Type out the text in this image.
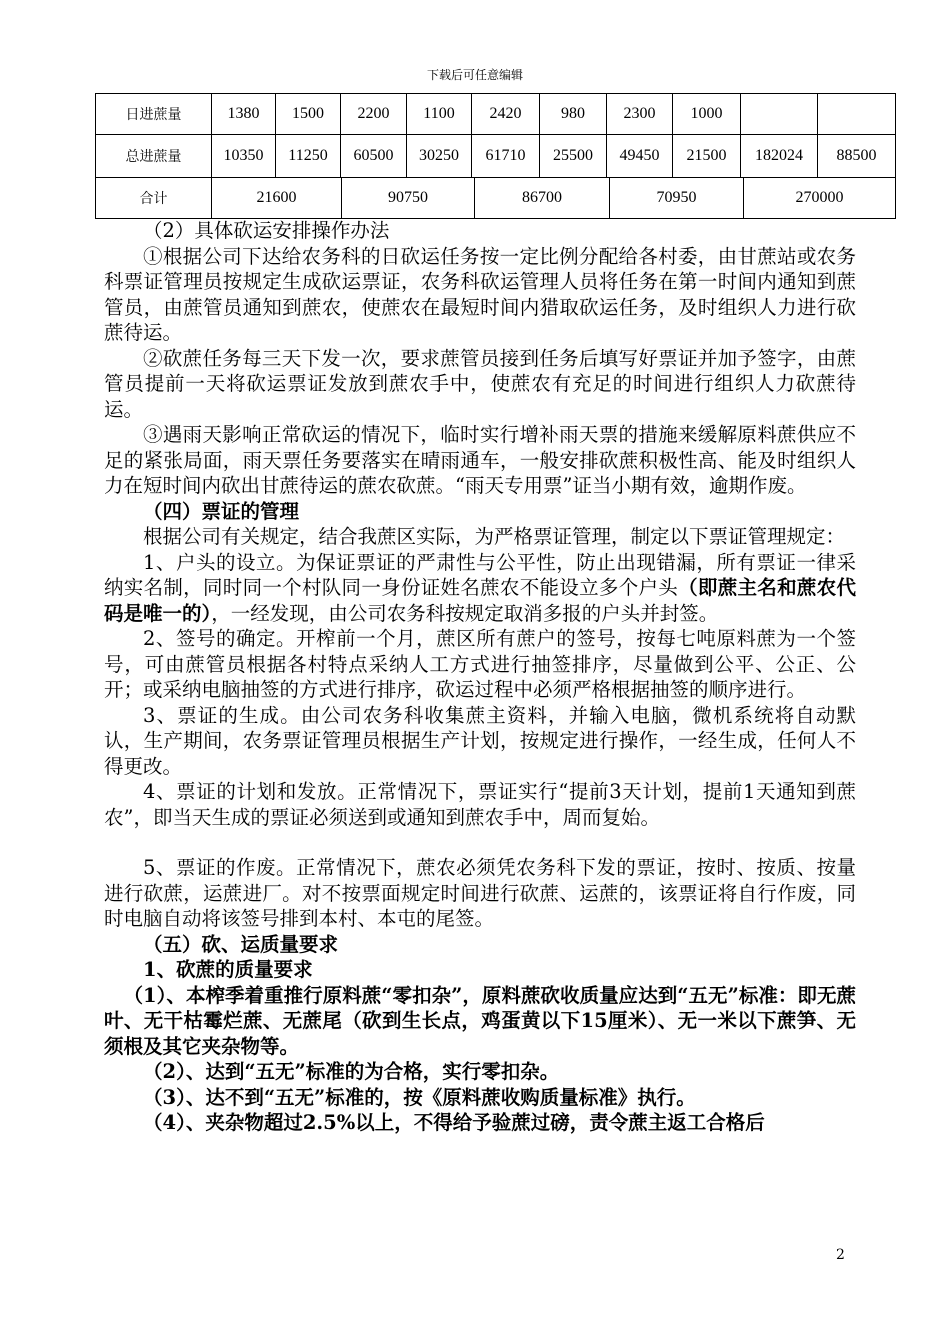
下载后可任意编辑
日进蔗量	1380	1500	2200	1100	2420	980	2300	1000		
总进蔗量	10350	11250	60500	30250	61710	25500	49450	21500	182024	88500
合计	21600	90750	86700	70950	270000

（2）具体砍运安排操作办法

①根据公司下达给农务科的日砍运任务按一定比例分配给各村委，由甘蔗站或农务科票证管理员按规定生成砍运票证，农务科砍运管理人员将任务在第一时间内通知到蔗管员，由蔗管员通知到蔗农，使蔗农在最短时间内猎取砍运任务，及时组织人力进行砍蔗待运。

②砍蔗任务每三天下发一次，要求蔗管员接到任务后填写好票证并加予签字，由蔗管员提前一天将砍运票证发放到蔗农手中，使蔗农有充足的时间进行组织人力砍蔗待运。

③遇雨天影响正常砍运的情况下，临时实行增补雨天票的措施来缓解原料蔗供应不足的紧张局面，雨天票任务要落实在晴雨通车，一般安排砍蔗积极性高、能及时组织人力在短时间内砍出甘蔗待运的蔗农砍蔗。“雨天专用票”证当小期有效，逾期作废。

（四）票证的管理

根据公司有关规定，结合我蔗区实际，为严格票证管理，制定以下票证管理规定：

1、户头的设立。为保证票证的严肃性与公平性，防止出现错漏，所有票证一律采纳实名制，同时同一个村队同一身份证姓名蔗农不能设立多个户头（即蔗主名和蔗农代码是唯一的），一经发现，由公司农务科按规定取消多报的户头并封签。

2、签号的确定。开榨前一个月，蔗区所有蔗户的签号，按每七吨原料蔗为一个签号，可由蔗管员根据各村特点采纳人工方式进行抽签排序，尽量做到公平、公正、公开；或采纳电脑抽签的方式进行排序，砍运过程中必须严格根据抽签的顺序进行。

3、票证的生成。由公司农务科收集蔗主资料，并输入电脑，微机系统将自动默认，生产期间，农务票证管理员根据生产计划，按规定进行操作，一经生成，任何人不得更改。

4、票证的计划和发放。正常情况下，票证实行“提前3天计划，提前1天通知到蔗农”，即当天生成的票证必须送到或通知到蔗农手中，周而复始。

5、票证的作废。正常情况下，蔗农必须凭农务科下发的票证，按时、按质、按量进行砍蔗，运蔗进厂。对不按票面规定时间进行砍蔗、运蔗的，该票证将自行作废，同时电脑自动将该签号排到本村、本屯的尾签。

（五）砍、运质量要求

1、砍蔗的质量要求

（1）、本榨季着重推行原料蔗“零扣杂”，原料蔗砍收质量应达到“五无”标准：即无蔗叶、无干枯霉烂蔗、无蔗尾（砍到生长点，鸡蛋黄以下15厘米）、无一米以下蔗笋、无须根及其它夹杂物等。

（2）、达到“五无”标准的为合格，实行零扣杂。

（3）、达不到“五无”标准的，按《原料蔗收购质量标准》执行。

（4）、夹杂物超过2.5%以上，不得给予验蔗过磅，责令蔗主返工合格后

2
